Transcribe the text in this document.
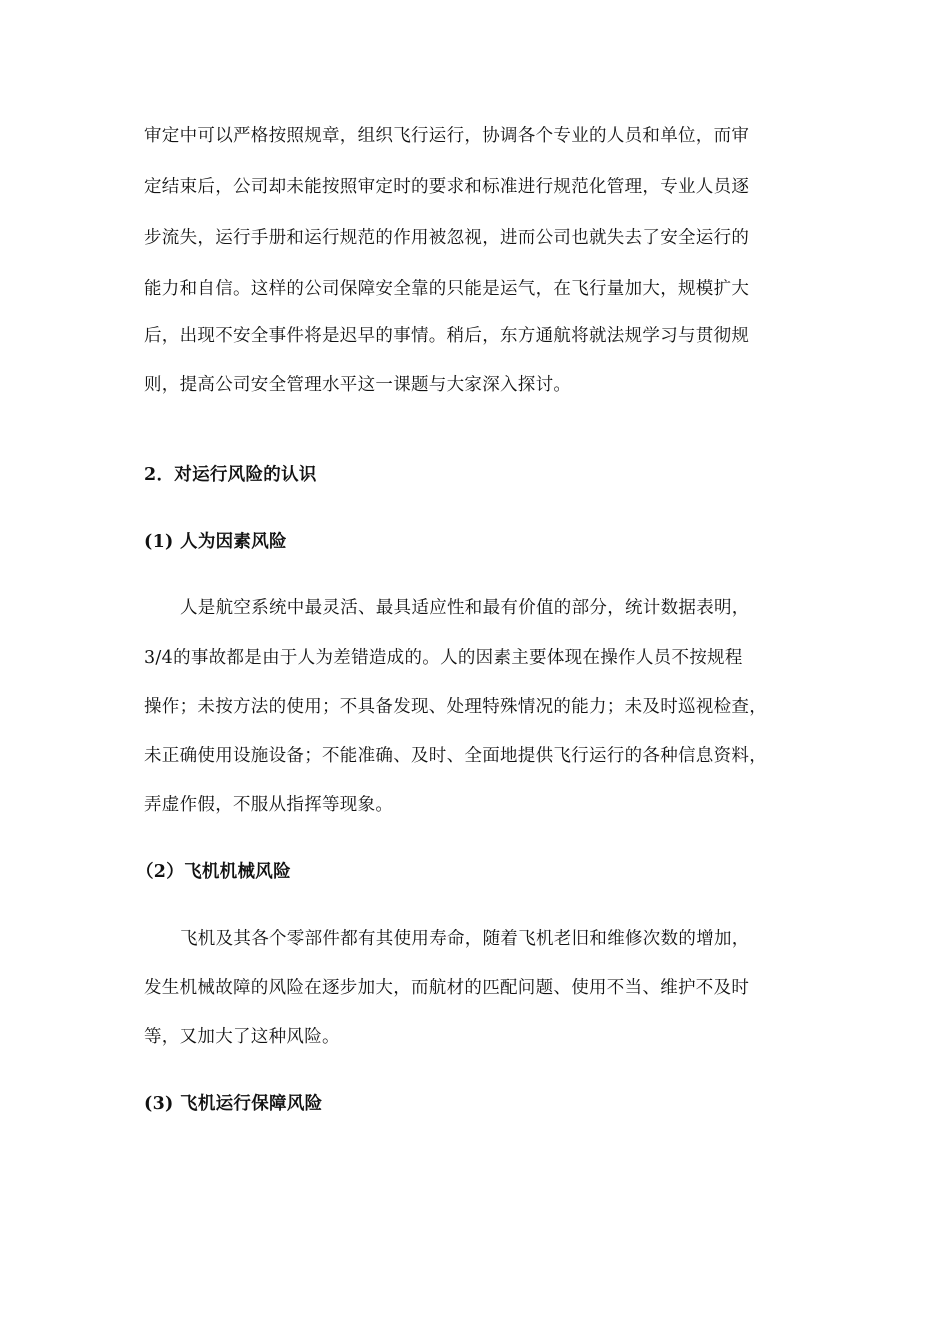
审定中可以严格按照规章，组织飞行运行，协调各个专业的人员和单位，而审
定结束后，公司却未能按照审定时的要求和标准进行规范化管理，专业人员逐
步流失，运行手册和运行规范的作用被忽视，进而公司也就失去了安全运行的
能力和自信。这样的公司保障安全靠的只能是运气，在飞行量加大，规模扩大
后，出现不安全事件将是迟早的事情。稍后，东方通航将就法规学习与贯彻规
则，提高公司安全管理水平这一课题与大家深入探讨。
2．对运行风险的认识
(1) 人为因素风险
人是航空系统中最灵活、最具适应性和最有价值的部分，统计数据表明，
3/4的事故都是由于人为差错造成的。人的因素主要体现在操作人员不按规程
操作；未按方法的使用；不具备发现、处理特殊情况的能力；未及时巡视检查，
未正确使用设施设备；不能准确、及时、全面地提供飞行运行的各种信息资料，
弄虚作假，不服从指挥等现象。
（2）飞机机械风险
飞机及其各个零部件都有其使用寿命，随着飞机老旧和维修次数的增加，
发生机械故障的风险在逐步加大，而航材的匹配问题、使用不当、维护不及时
等，又加大了这种风险。
(3) 飞机运行保障风险
